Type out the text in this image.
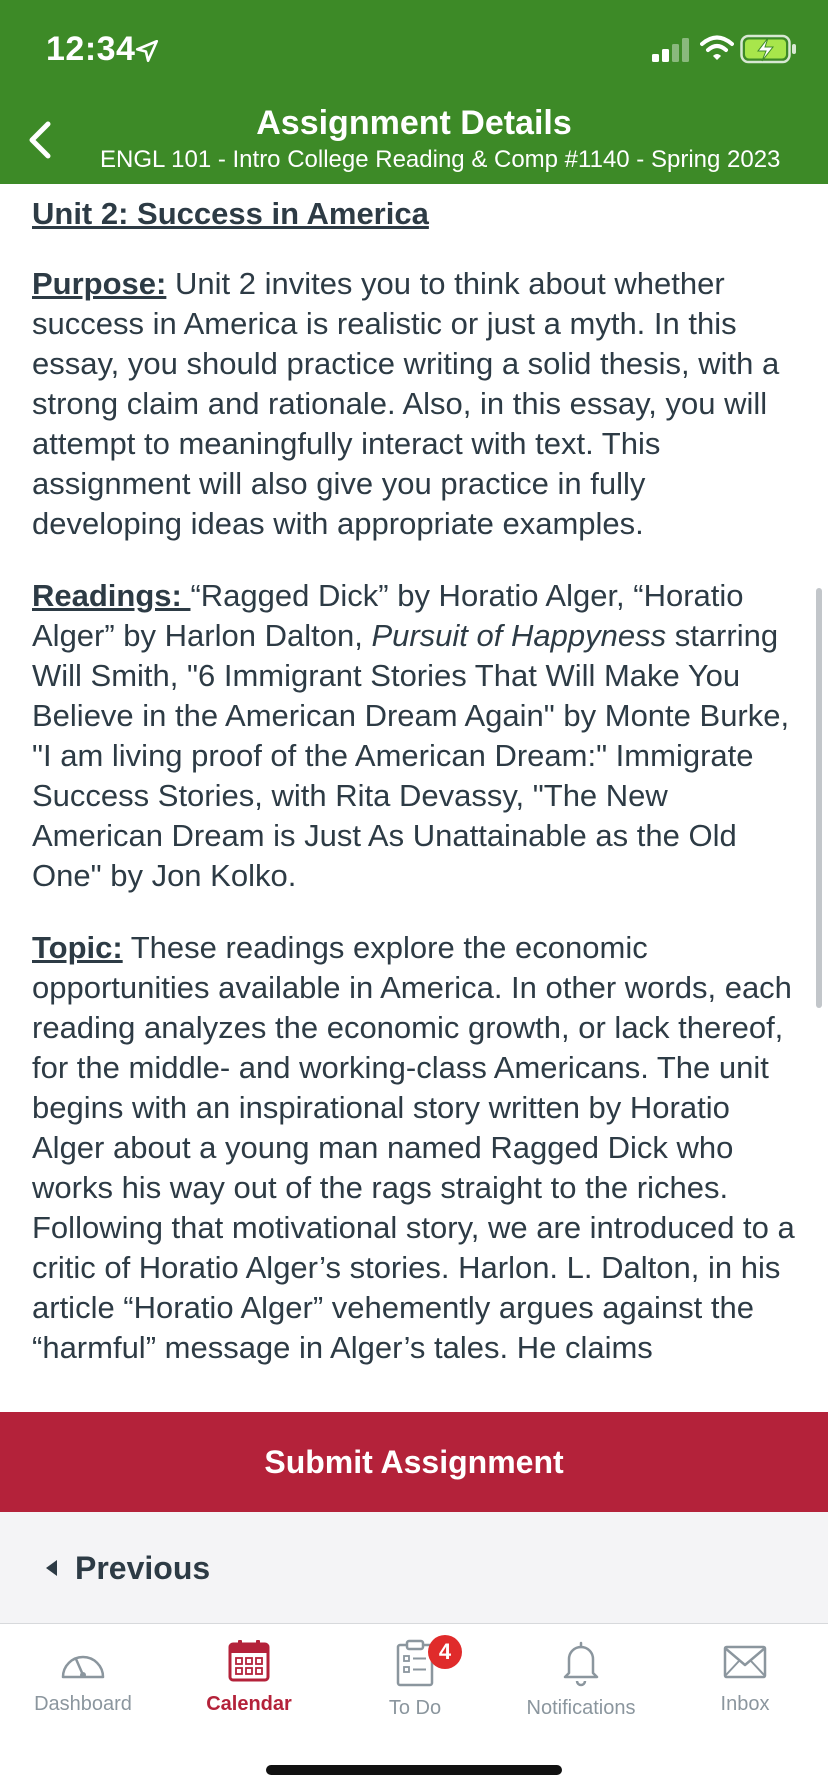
12:34
Assignment Details
ENGL 101 - Intro College Reading & Comp #1140 - Spring 2023
Unit 2: Success in America
Purpose: Unit 2 invites you to think about whether success in America is realistic or just a myth. In this essay, you should practice writing a solid thesis, with a strong claim and rationale. Also, in this essay, you will attempt to meaningfully interact with text. This assignment will also give you practice in fully developing ideas with appropriate examples.
Readings: “Ragged Dick” by Horatio Alger, “Horatio Alger” by Harlon Dalton, Pursuit of Happyness starring Will Smith, "6 Immigrant Stories That Will Make You Believe in the American Dream Again" by Monte Burke, "I am living proof of the American Dream:" Immigrate Success Stories, with Rita Devassy, "The New American Dream is Just As Unattainable as the Old One" by Jon Kolko.
Topic: These readings explore the economic opportunities available in America. In other words, each reading analyzes the economic growth, or lack thereof, for the middle- and working-class Americans. The unit begins with an inspirational story written by Horatio Alger about a young man named Ragged Dick who works his way out of the rags straight to the riches. Following that motivational story, we are introduced to a critic of Horatio Alger’s stories. Harlon. L. Dalton, in his article “Horatio Alger” vehemently argues against the “harmful” message in Alger’s tales. He claims
Submit Assignment
Previous
Dashboard	Calendar
4
To Do	Notifications	Inbox
